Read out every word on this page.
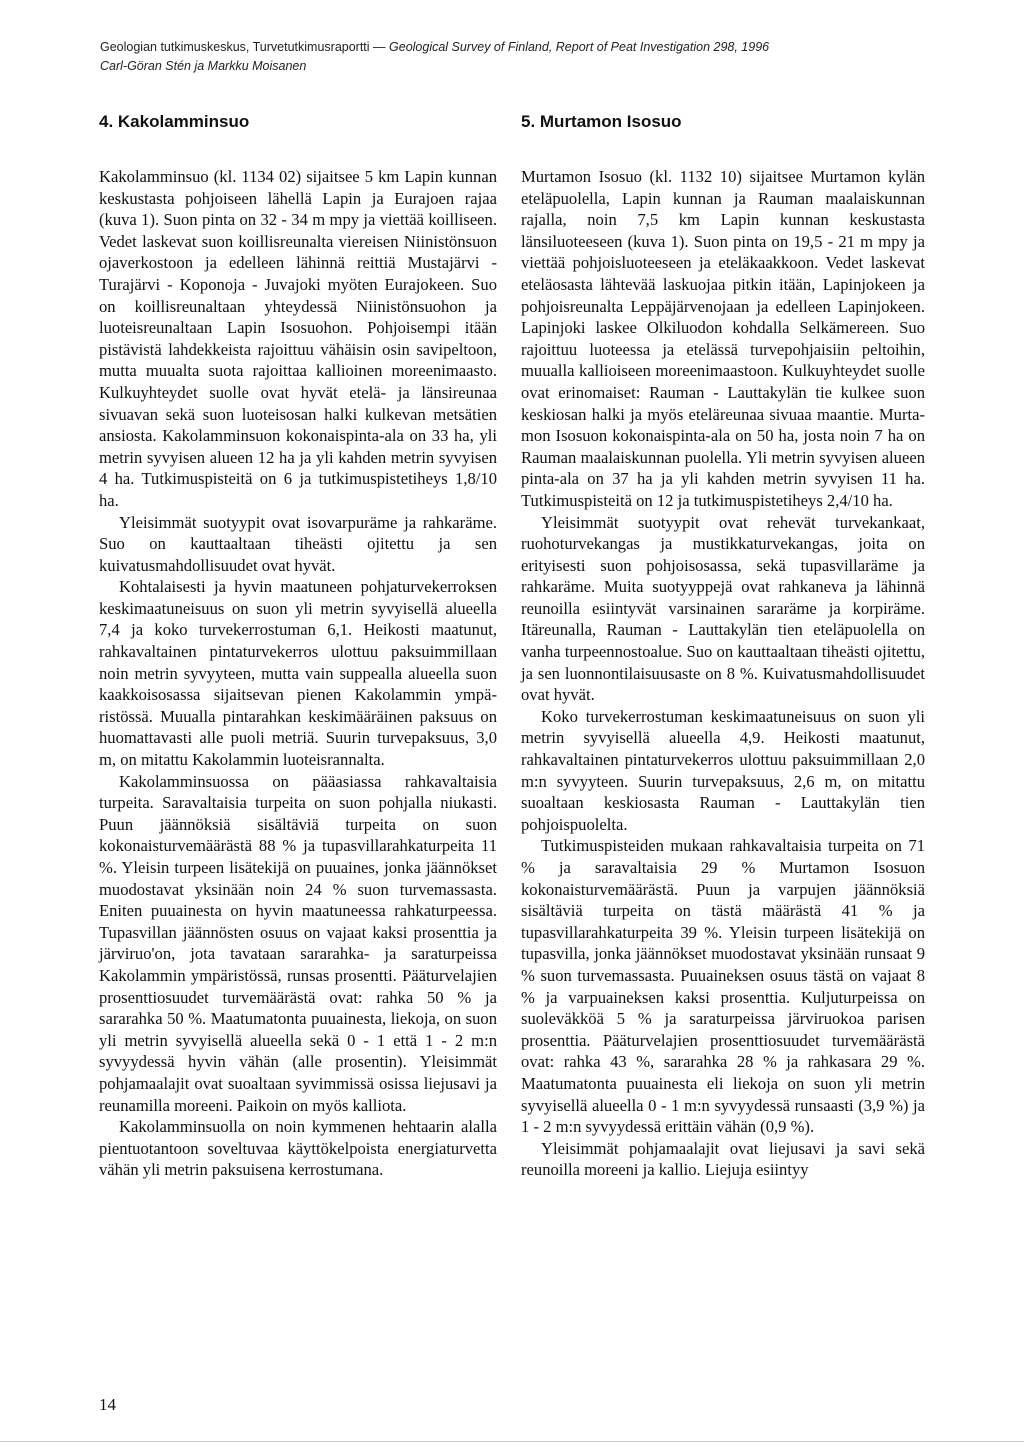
Geologian tutkimuskeskus, Turvetutkimusraportti — Geological Survey of Finland, Report of Peat Investigation 298, 1996
Carl-Göran Stén ja Markku Moisanen
4. Kakolamminsuo

Kakolamminsuo (kl. 1134 02) sijaitsee 5 km Lapin kunnan keskustasta pohjoiseen lähellä Lapin ja Eurajoen rajaa (kuva 1). Suon pinta on 32 - 34 m mpy ja viettää koilliseen. Vedet laskevat suon koillisreunalta viereisen Niinistönsuon ojaverkostoon ja edelleen lähinnä reittiä Mustajärvi - Turajärvi - Koponoja - Juvajoki myöten Eurajokeen. Suo on koillisreunaltaan yhteydessä Niinistönsuohon ja luoteisreunaltaan Lapin Isosuohon. Pohjoisempi itään pistävistä lahdekkeista rajoittuu vähäisin osin savipeltoon, mutta muualta suota rajoittaa kallioinen moreenimaasto. Kulkuyhteydet suolle ovat hyvät etelä- ja länsireunaa sivuavan sekä suon luoteisosan halki kulkevan metsätien ansiosta. Kakolamminsuon kokonaispinta-ala on 33 ha, yli metrin syvyisen alueen 12 ha ja yli kahden metrin syvyisen 4 ha. Tutkimuspisteitä on 6 ja tutkimuspistetiheys 1,8/10 ha.

Yleisimmät suotyypit ovat isovarpuräme ja rahkaräme. Suo on kauttaaltaan tiheästi ojitettu ja sen kuivatusmahdollisuudet ovat hyvät.

Kohtalaisesti ja hyvin maatuneen pohjaturvekerroksen keskimaatuneisuus on suon yli metrin syvyisellä alueella 7,4 ja koko turvekerrostuman 6,1. Heikosti maatunut, rahkavaltainen pintaturvekerros ulottuu paksuimmillaan noin metrin syvyyteen, mutta vain suppealla alueella suon kaakkoisosassa sijaitsevan pienen Kakolammin ympäristössä. Muualla pintarahkan keskimääräinen paksuus on huomattavasti alle puoli metriä. Suurin turvepaksuus, 3,0 m, on mitattu Kakolammin luoteisrannalta.

Kakolamminsuossa on pääasiassa rahkavaltaisia turpeita. Saravaltaisia turpeita on suon pohjalla niukasti. Puun jäännöksiä sisältäviä turpeita on suon kokonaisturvemäärästä 88 % ja tupasvillarahkaturpeita 11 %. Yleisin turpeen lisätekijä on puuaines, jonka jäännökset muodostavat yksinään noin 24 % suon turvemassasta. Eniten puuainesta on hyvin maatuneessa rahkaturpeessa. Tupasvillan jäännösten osuus on vajaat kaksi prosenttia ja järviruo'on, jota tavataan sararahka- ja saraturpeissa Kakolammin ympäristössä, runsas prosentti. Pääturvelajien prosenttiosuudet turvemäärästä ovat: rahka 50 % ja sararahka 50 %. Maatumatonta puuainesta, liekoja, on suon yli metrin syvyisellä alueella sekä 0 - 1 että 1 - 2 m:n syvyydessä hyvin vähän (alle prosentin). Yleisimmät pohjamaalajit ovat suoaltaan syvimmissä osissa liejusavi ja reunamilla moreeni. Paikoin on myös kalliota.

Kakolamminsuolla on noin kymmenen hehtaarin alalla pientuotantoon soveltuvaa käyttökelpoista energiaturvetta vähän yli metrin paksuisena kerrostumana.

5. Murtamon Isosuo

Murtamon Isosuo (kl. 1132 10) sijaitsee Murtamon kylän eteläpuolella, Lapin kunnan ja Rauman maalaiskunnan rajalla, noin 7,5 km Lapin kunnan keskustasta länsiluoteeseen (kuva 1). Suon pinta on 19,5 - 21 m mpy ja viettää pohjoisluoteeseen ja eteläkaakkoon. Vedet laskevat eteläosasta lähtevää laskuojaa pitkin itään, Lapinjokeen ja pohjoisreunalta Leppäjärvenojaan ja edelleen Lapinjokeen. Lapinjoki laskee Olkiluodon kohdalla Selkämereen. Suo rajoittuu luoteessa ja etelässä turvepohjaisiin peltoihin, muualla kallioiseen moreenimaastoon. Kulkuyhteydet suolle ovat erinomaiset: Rauman - Lauttakylän tie kulkee suon keskiosan halki ja myös eteläreunaa sivuaa maantie. Murtamon Isosuon kokonaispinta-ala on 50 ha, josta noin 7 ha on Rauman maalaiskunnan puolella. Yli metrin syvyisen alueen pinta-ala on 37 ha ja yli kahden metrin syvyisen 11 ha. Tutkimuspisteitä on 12 ja tutkimuspistetiheys 2,4/10 ha.

Yleisimmät suotyypit ovat rehevät turvekankaat, ruohoturvekangas ja mustikkaturvekangas, joita on erityisesti suon pohjoisosassa, sekä tupasvillaräme ja rahkaräme. Muita suotyyppejä ovat rahkaneva ja lähinnä reunoilla esiintyvät varsinainen sararäme ja korpiräme. Itäreunalla, Rauman - Lauttakylän tien eteläpuolella on vanha turpeennostoalue. Suo on kauttaaltaan tiheästi ojitettu, ja sen luonnontilaisuusaste on 8 %. Kuivatusmahdollisuudet ovat hyvät.

Koko turvekerrostuman keskimaatuneisuus on suon yli metrin syvyisellä alueella 4,9. Heikosti maatunut, rahkavaltainen pintaturvekerros ulottuu paksuimmillaan 2,0 m:n syvyyteen. Suurin turvepaksuus, 2,6 m, on mitattu suoaltaan keskiosasta Rauman - Lauttakylän tien pohjoispuolelta.

Tutkimuspisteiden mukaan rahkavaltaisia turpeita on 71 % ja saravaltaisia 29 % Murtamon Isosuon kokonaisturvemäärästä. Puun ja varpujen jäännöksiä sisältäviä turpeita on tästä määrästä 41 % ja tupasvillarahkaturpeita 39 %. Yleisin turpeen lisätekijä on tupasvilla, jonka jäännökset muodostavat yksinään runsaat 9 % suon turvemassasta. Puuaineksen osuus tästä on vajaat 8 % ja varpuaineksen kaksi prosenttia. Kuljuturpeissa on suoleväkköä 5 % ja saraturpeissa järviruokoa parisen prosenttia. Pääturvelajien prosenttiosuudet turvemäärästä ovat: rahka 43 %, sararahka 28 % ja rahkasara 29 %. Maatumatonta puuainesta eli liekoja on suon yli metrin syvyisellä alueella 0 - 1 m:n syvyydessä runsaasti (3,9 %) ja 1 - 2 m:n syvyydessä erittäin vähän (0,9 %).

Yleisimmät pohjamaalajit ovat liejusavi ja savi sekä reunoilla moreeni ja kallio. Liejuja esiintyy

14
